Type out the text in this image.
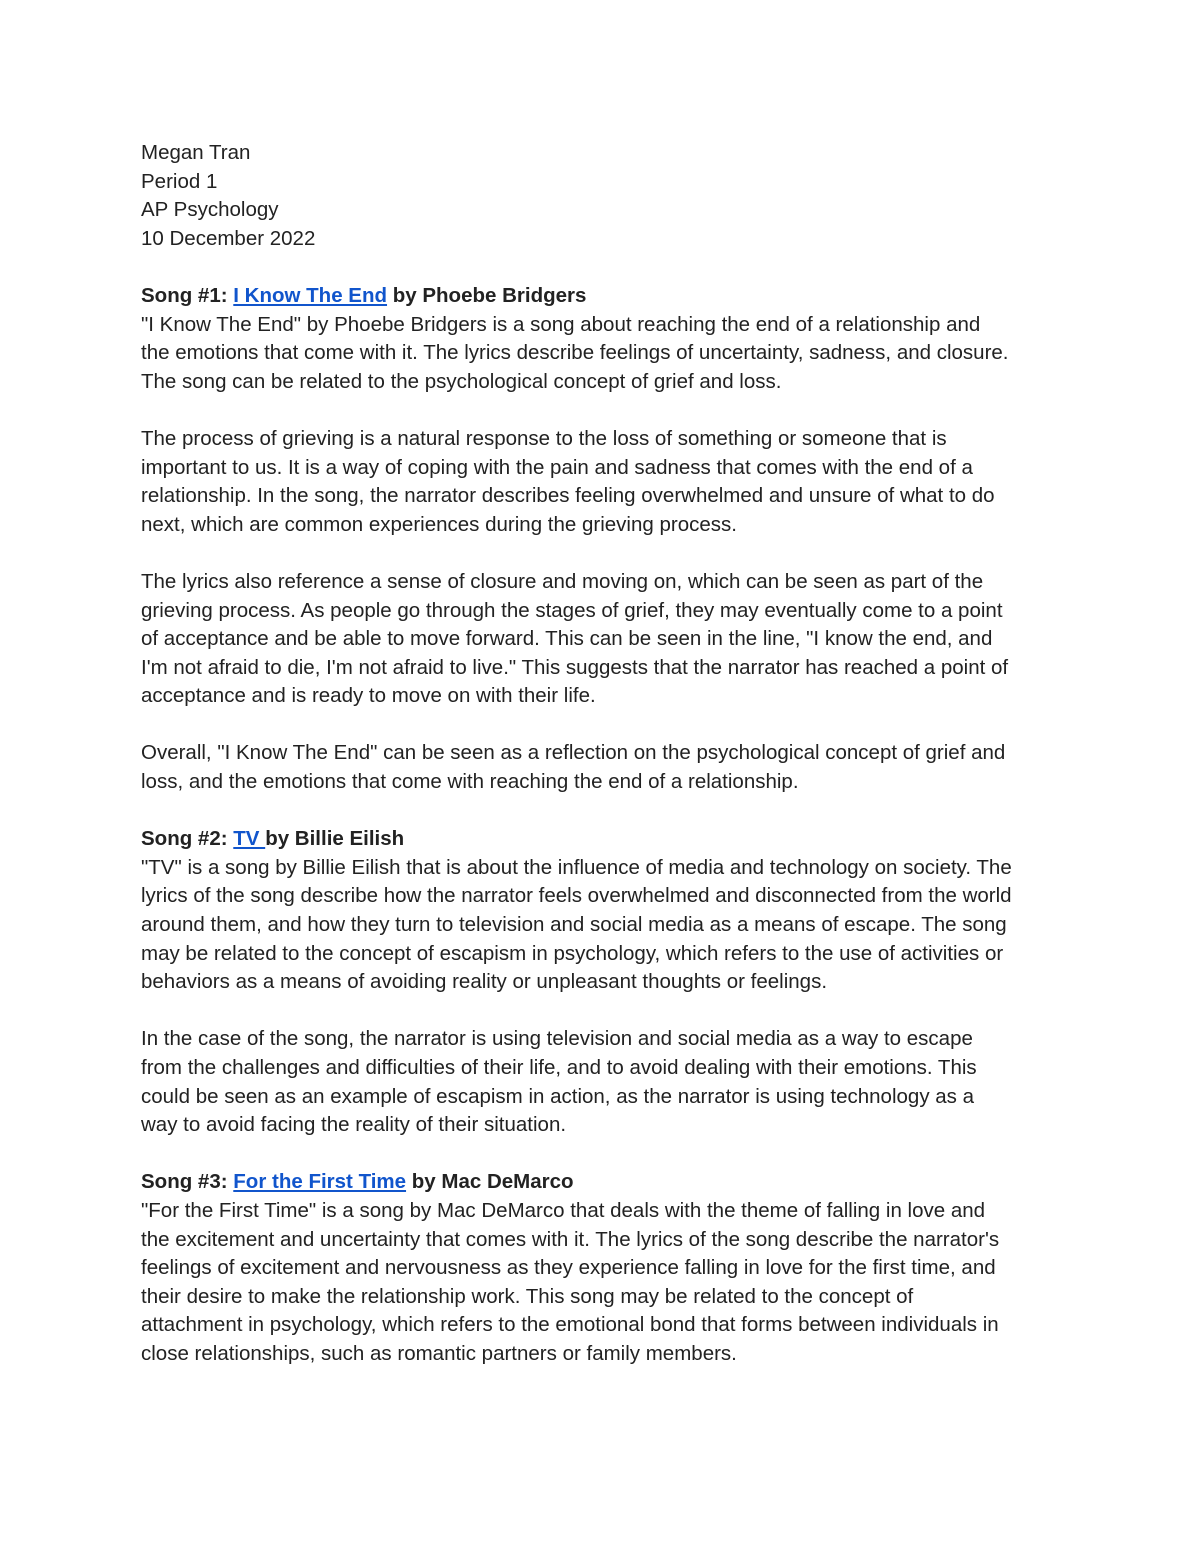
Megan Tran
Period 1
AP Psychology
10 December 2022
Song #1: I Know The End by Phoebe Bridgers

"I Know The End" by Phoebe Bridgers is a song about reaching the end of a relationship and
the emotions that come with it. The lyrics describe feelings of uncertainty, sadness, and closure.
The song can be related to the psychological concept of grief and loss.

The process of grieving is a natural response to the loss of something or someone that is
important to us. It is a way of coping with the pain and sadness that comes with the end of a
relationship. In the song, the narrator describes feeling overwhelmed and unsure of what to do
next, which are common experiences during the grieving process.

The lyrics also reference a sense of closure and moving on, which can be seen as part of the
grieving process. As people go through the stages of grief, they may eventually come to a point
of acceptance and be able to move forward. This can be seen in the line, "I know the end, and
I'm not afraid to die, I'm not afraid to live." This suggests that the narrator has reached a point of
acceptance and is ready to move on with their life.

Overall, "I Know The End" can be seen as a reflection on the psychological concept of grief and
loss, and the emotions that come with reaching the end of a relationship.

Song #2: TV by Billie Eilish

"TV" is a song by Billie Eilish that is about the influence of media and technology on society. The
lyrics of the song describe how the narrator feels overwhelmed and disconnected from the world
around them, and how they turn to television and social media as a means of escape. The song
may be related to the concept of escapism in psychology, which refers to the use of activities or
behaviors as a means of avoiding reality or unpleasant thoughts or feelings.

In the case of the song, the narrator is using television and social media as a way to escape
from the challenges and difficulties of their life, and to avoid dealing with their emotions. This
could be seen as an example of escapism in action, as the narrator is using technology as a
way to avoid facing the reality of their situation.

Song #3: For the First Time by Mac DeMarco

"For the First Time" is a song by Mac DeMarco that deals with the theme of falling in love and
the excitement and uncertainty that comes with it. The lyrics of the song describe the narrator's
feelings of excitement and nervousness as they experience falling in love for the first time, and
their desire to make the relationship work. This song may be related to the concept of
attachment in psychology, which refers to the emotional bond that forms between individuals in
close relationships, such as romantic partners or family members.
